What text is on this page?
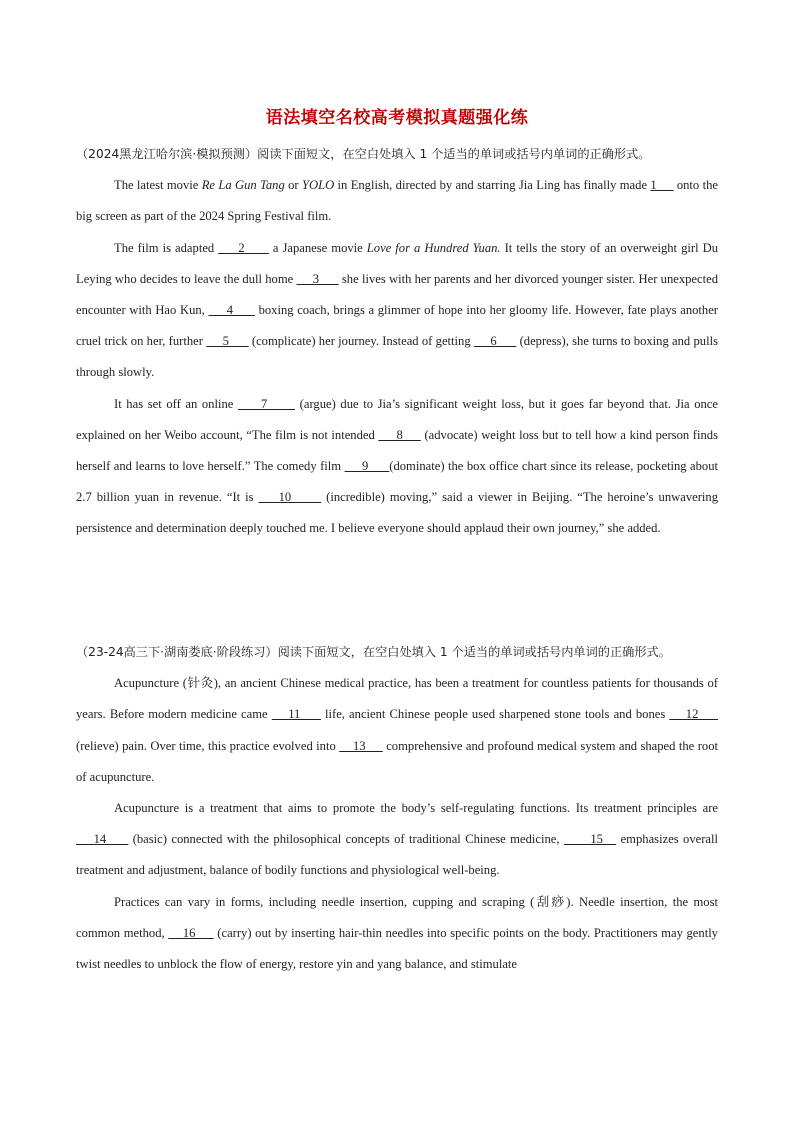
语法填空名校高考模拟真题强化练

（2024黑龙江哈尔滨·模拟预测）阅读下面短文，在空白处填入 1 个适当的单词或括号内单词的正确形式。

The latest movie Re La Gun Tang or YOLO in English, directed by and starring Jia Ling has finally made 1      onto the big screen as part of the 2024 Spring Festival film.

The film is adapted      2       a Japanese movie Love for a Hundred Yuan. It tells the story of an overweight girl Du Leying who decides to leave the dull home      3       she lives with her parents and her divorced younger sister. Her unexpected encounter with Hao Kun,      4       boxing coach, brings a glimmer of hope into her gloomy life. However, fate plays another cruel trick on her, further      5       (complicate) her journey. Instead of getting      6       (depress), she turns to boxing and pulls through slowly.

It has set off an online      7       (argue) due to Jia’s significant weight loss, but it goes far beyond that. Jia once explained on her Weibo account, “The film is not intended      8      (advocate) weight loss but to tell how a kind person finds herself and learns to love herself.” The comedy film      9      (dominate) the box office chart since its release, pocketing about 2.7 billion yuan in revenue. “It is     10       (incredible) moving,” said a viewer in Beijing. “The heroine’s unwavering persistence and determination deeply touched me. I believe everyone should applaud their own journey,” she added.

（23-24高三下·湖南娄底·阶段练习）阅读下面短文，在空白处填入 1 个适当的单词或括号内单词的正确形式。

Acupuncture (针灸), an ancient Chinese medical practice, has been a treatment for countless patients for thousands of years. Before modern medicine came     11      life, ancient Chinese people used sharpened stone tools and bones     12      (relieve) pain. Over time, this practice evolved into     13      comprehensive and profound medical system and shaped the root of acupuncture.

Acupuncture is a treatment that aims to promote the body’s self-regulating functions. Its treatment principles are     14      (basic) connected with the philosophical concepts of traditional Chinese medicine,       15    emphasizes overall treatment and adjustment, balance of bodily functions and physiological well-being.

Practices can vary in forms, including needle insertion, cupping and scraping (刮痧). Needle insertion, the most common method,     16      (carry) out by inserting hair-thin needles into specific points on the body. Practitioners may gently twist needles to unblock the flow of energy, restore yin and yang balance, and stimulate
